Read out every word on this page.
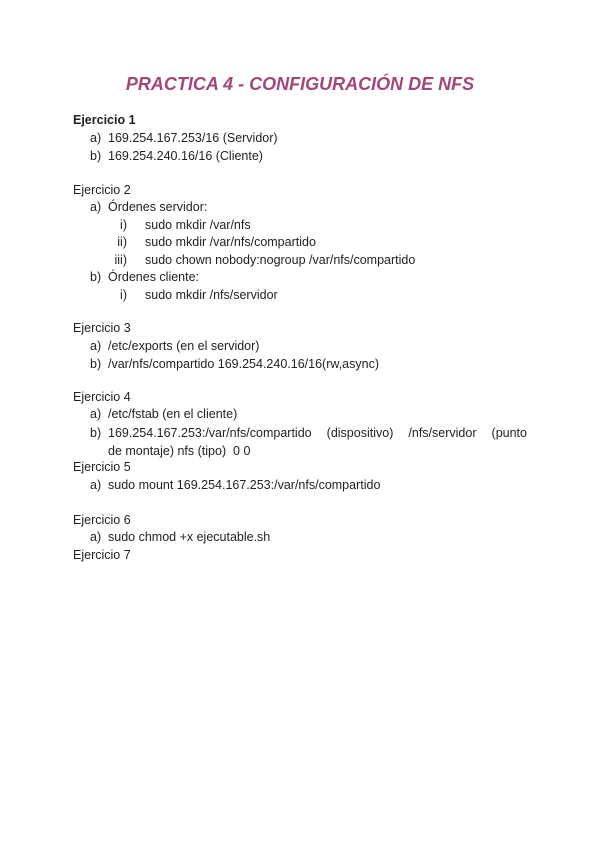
PRACTICA 4 - CONFIGURACIÓN DE NFS
Ejercicio 1
a) 169.254.167.253/16 (Servidor)
b) 169.254.240.16/16 (Cliente)
Ejercicio 2
a) Órdenes servidor:
i) sudo mkdir /var/nfs
ii) sudo mkdir /var/nfs/compartido
iii) sudo chown nobody:nogroup /var/nfs/compartido
b) Órdenes cliente:
i) sudo mkdir /nfs/servidor
Ejercicio 3
a) /etc/exports (en el servidor)
b) /var/nfs/compartido 169.254.240.16/16(rw,async)
Ejercicio 4
a) /etc/fstab (en el cliente)
b) 169.254.167.253:/var/nfs/compartido (dispositivo) /nfs/servidor (punto
de montaje) nfs (tipo)  0 0
Ejercicio 5
a) sudo mount 169.254.167.253:/var/nfs/compartido
Ejercicio 6
a) sudo chmod +x ejecutable.sh
Ejercicio 7
